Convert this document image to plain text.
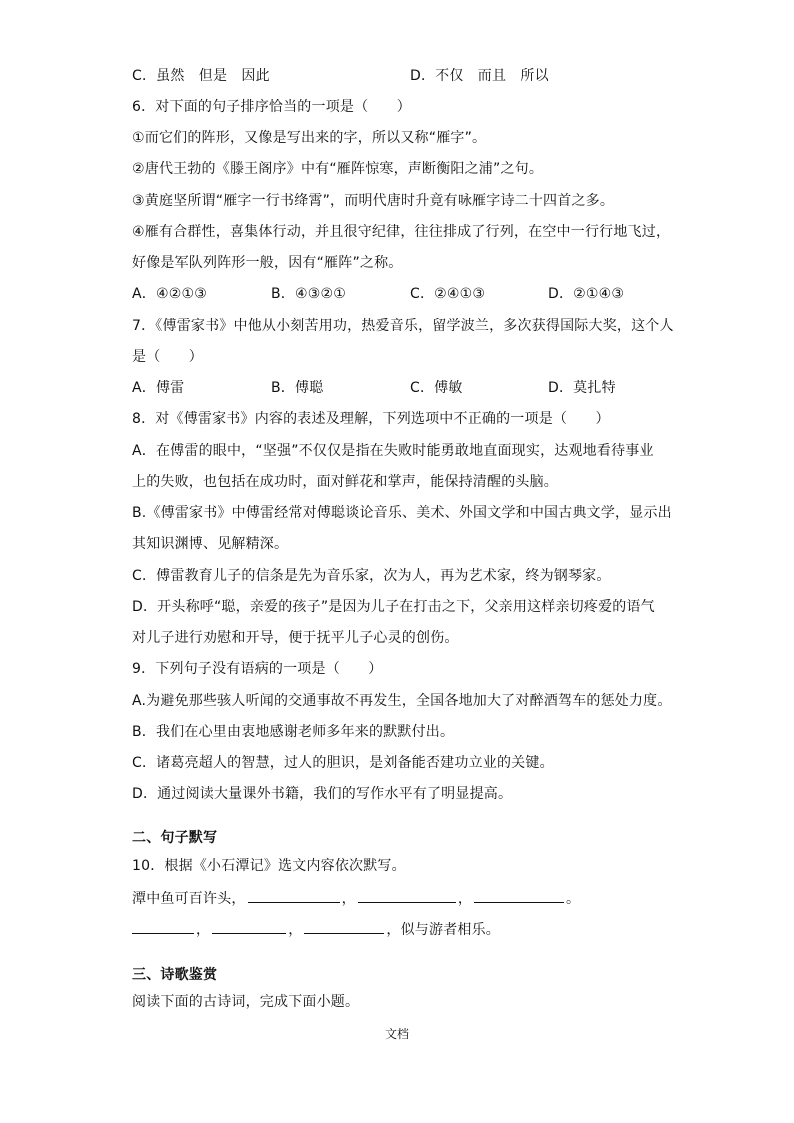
C．虽然　但是　因此	D．不仅　而且　所以
6．对下面的句子排序恰当的一项是（　　）
①而它们的阵形，又像是写出来的字，所以又称“雁字”。
②唐代王勃的《滕王阁序》中有“雁阵惊寒，声断衡阳之浦”之句。
③黄庭坚所谓“雁字一行书绛霄”，而明代唐时升竟有咏雁字诗二十四首之多。
④雁有合群性，喜集体行动，并且很守纪律，往往排成了行列，在空中一行行地飞过，
好像是军队列阵形一般，因有“雁阵”之称。
A．④②①③	B．④③②①	C．②④①③	D．②①④③
7．《傅雷家书》中他从小刻苦用功，热爱音乐，留学波兰，多次获得国际大奖，这个人
是（　　）
A．傅雷	B．傅聪	C．傅敏	D．莫扎特
8．对《傅雷家书》内容的表述及理解，下列选项中不正确的一项是（　　）
A．在傅雷的眼中，“坚强”不仅仅是指在失败时能勇敢地直面现实，达观地看待事业
上的失败，也包括在成功时，面对鲜花和掌声，能保持清醒的头脑。
B.《傅雷家书》中傅雷经常对傅聪谈论音乐、美术、外国文学和中国古典文学，显示出
其知识渊博、见解精深。
C．傅雷教育儿子的信条是先为音乐家，次为人，再为艺术家，终为钢琴家。
D．开头称呼“聪，亲爱的孩子”是因为儿子在打击之下，父亲用这样亲切疼爱的语气
对儿子进行劝慰和开导，便于抚平儿子心灵的创伤。
9．下列句子没有语病的一项是（　　）
A.为避免那些骇人听闻的交通事故不再发生，全国各地加大了对醉酒驾车的惩处力度。
B．我们在心里由衷地感谢老师多年来的默默付出。
C．诸葛亮超人的智慧，过人的胆识，是刘备能否建功立业的关键。
D．通过阅读大量课外书籍，我们的写作水平有了明显提高。
二、句子默写
10．根据《小石潭记》选文内容依次默写。
潭中鱼可百许头，	，	，	。
，	，	，似与游者相乐。
三、诗歌鉴赏
阅读下面的古诗词，完成下面小题。
文档
